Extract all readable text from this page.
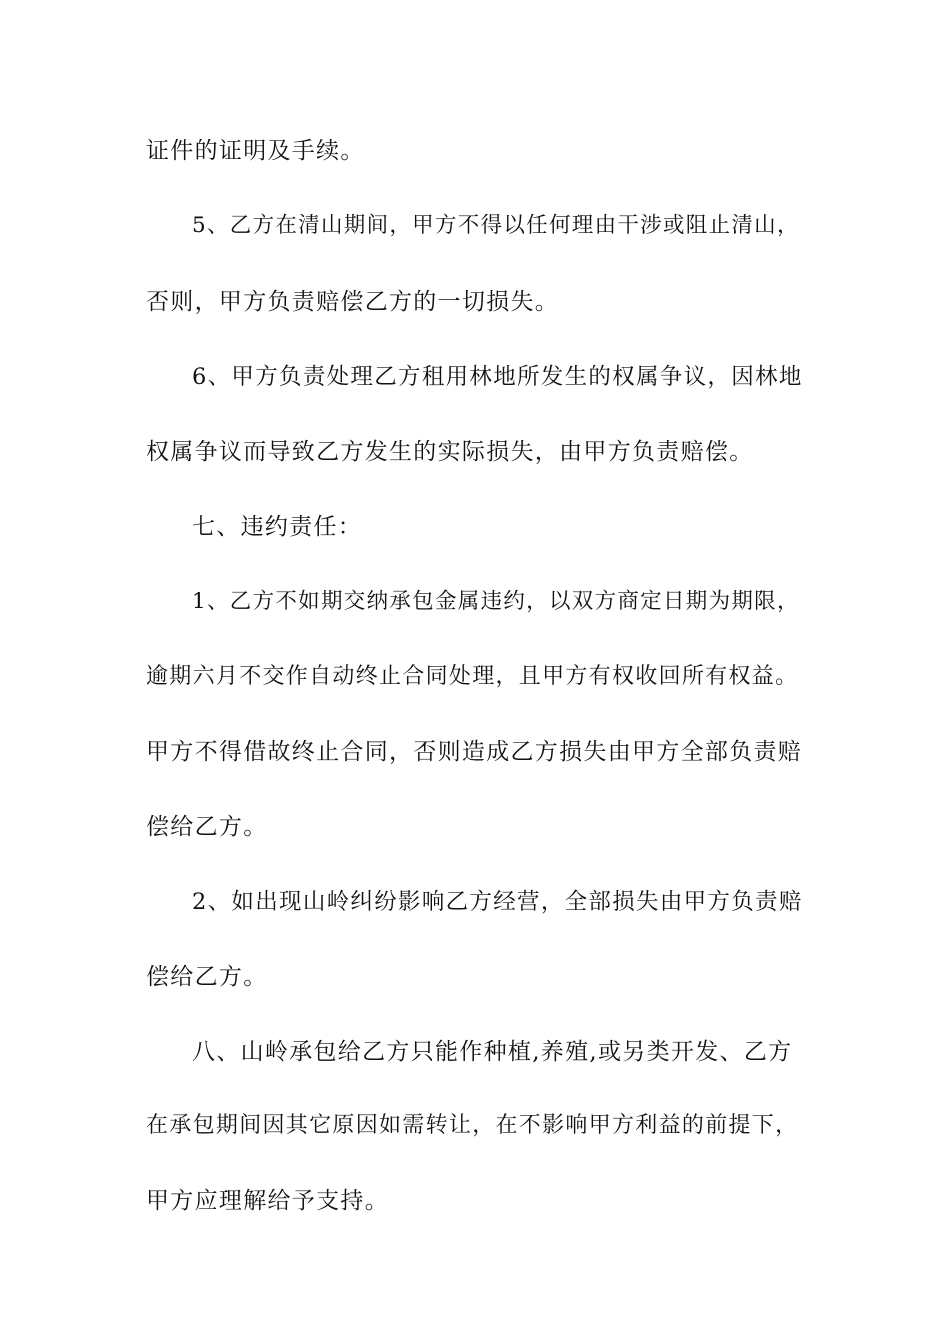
证件的证明及手续。
5、乙方在清山期间，甲方不得以任何理由干涉或阻止清山，
否则，甲方负责赔偿乙方的一切损失。
6、甲方负责处理乙方租用林地所发生的权属争议，因林地
权属争议而导致乙方发生的实际损失，由甲方负责赔偿。
七、违约责任：
1、乙方不如期交纳承包金属违约，以双方商定日期为期限，
逾期六月不交作自动终止合同处理，且甲方有权收回所有权益。
甲方不得借故终止合同，否则造成乙方损失由甲方全部负责赔
偿给乙方。
2、如出现山岭纠纷影响乙方经营，全部损失由甲方负责赔
偿给乙方。
八、山岭承包给乙方只能作种植,养殖,或另类开发、乙方
在承包期间因其它原因如需转让，在不影响甲方利益的前提下，
甲方应理解给予支持。
